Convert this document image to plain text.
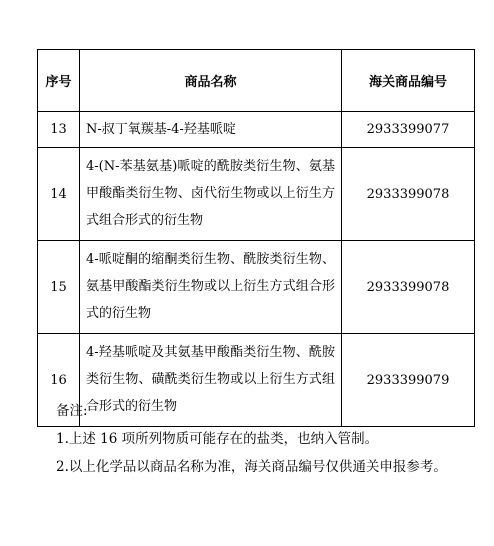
序号	商品名称	海关商品编号
13	N-叔丁氧羰基-4-羟基哌啶	2933399077
14	4-(N-苯基氨基)哌啶的酰胺类衍生物、氨基甲酸酯类衍生物、卤代衍生物或以上衍生方式组合形式的衍生物	2933399078
15	4-哌啶酮的缩酮类衍生物、酰胺类衍生物、氨基甲酸酯类衍生物或以上衍生方式组合形式的衍生物	2933399078
16	4-羟基哌啶及其氨基甲酸酯类衍生物、酰胺类衍生物、磺酰类衍生物或以上衍生方式组合形式的衍生物	2933399079

备注:

1.上述 16 项所列物质可能存在的盐类，也纳入管制。

2.以上化学品以商品名称为准，海关商品编号仅供通关申报参考。
